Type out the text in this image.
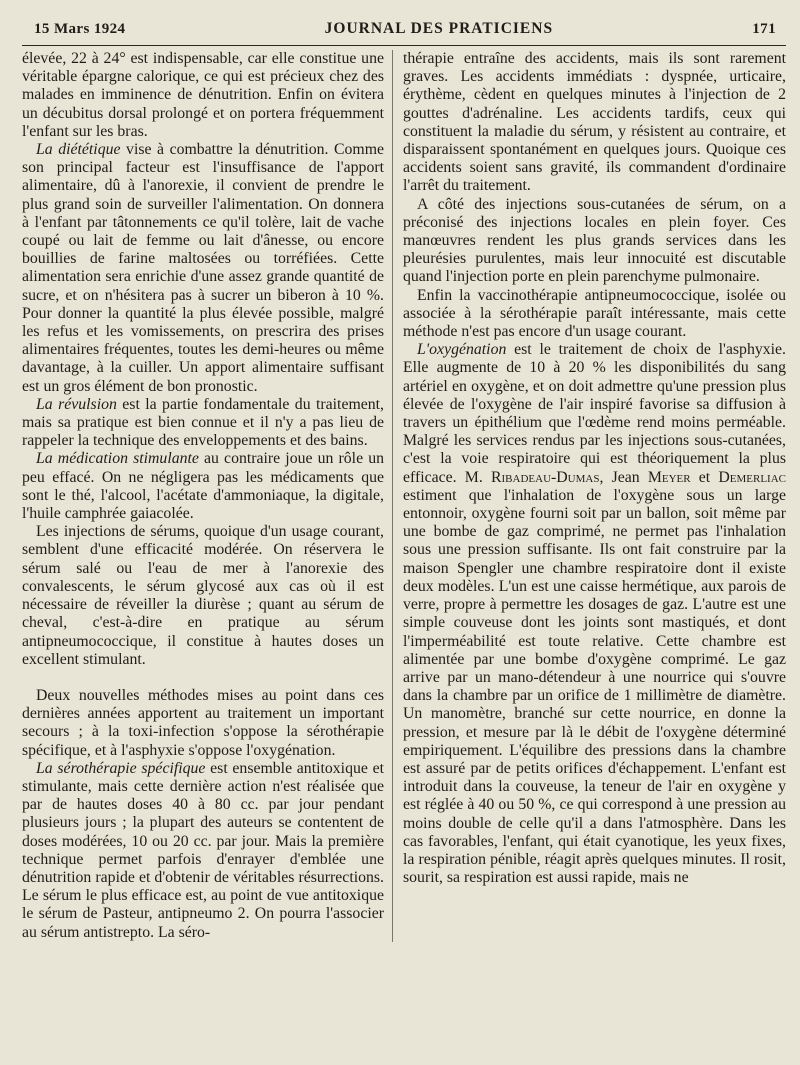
15 Mars 1924	JOURNAL DES PRATICIENS	171

élevée, 22 à 24° est indispensable, car elle constitue une véritable épargne calorique, ce qui est précieux chez des malades en imminence de dénutrition. Enfin on évitera un décubitus dorsal prolongé et on portera fréquemment l'enfant sur les bras.

La diététique vise à combattre la dénutrition. Comme son principal facteur est l'insuffisance de l'apport alimentaire, dû à l'anorexie, il convient de prendre le plus grand soin de surveiller l'alimentation. On donnera à l'enfant par tâtonnements ce qu'il tolère, lait de vache coupé ou lait de femme ou lait d'ânesse, ou encore bouillies de farine maltosées ou torréfiées. Cette alimentation sera enrichie d'une assez grande quantité de sucre, et on n'hésitera pas à sucrer un biberon à 10 %. Pour donner la quantité la plus élevée possible, malgré les refus et les vomissements, on prescrira des prises alimentaires fréquentes, toutes les demi-heures ou même davantage, à la cuiller. Un apport alimentaire suffisant est un gros élément de bon pronostic.

La révulsion est la partie fondamentale du traitement, mais sa pratique est bien connue et il n'y a pas lieu de rappeler la technique des enveloppements et des bains.

La médication stimulante au contraire joue un rôle un peu effacé. On ne négligera pas les médicaments que sont le thé, l'alcool, l'acétate d'ammoniaque, la digitale, l'huile camphrée gaiacolée.

Les injections de sérums, quoique d'un usage courant, semblent d'une efficacité modérée. On réservera le sérum salé ou l'eau de mer à l'anorexie des convalescents, le sérum glycosé aux cas où il est nécessaire de réveiller la diurèse ; quant au sérum de cheval, c'est-à-dire en pratique au sérum antipneumococcique, il constitue à hautes doses un excellent stimulant.

Deux nouvelles méthodes mises au point dans ces dernières années apportent au traitement un important secours ; à la toxi-infection s'oppose la sérothérapie spécifique, et à l'asphyxie s'oppose l'oxygénation.

La sérothérapie spécifique est ensemble antitoxique et stimulante, mais cette dernière action n'est réalisée que par de hautes doses 40 à 80 cc. par jour pendant plusieurs jours ; la plupart des auteurs se contentent de doses modérées, 10 ou 20 cc. par jour. Mais la première technique permet parfois d'enrayer d'emblée une dénutrition rapide et d'obtenir de véritables résurrections. Le sérum le plus efficace est, au point de vue antitoxique le sérum de Pasteur, antipneumo 2. On pourra l'associer au sérum antistrepto. La séro-

thérapie entraîne des accidents, mais ils sont rarement graves. Les accidents immédiats : dyspnée, urticaire, érythème, cèdent en quelques minutes à l'injection de 2 gouttes d'adrénaline. Les accidents tardifs, ceux qui constituent la maladie du sérum, y résistent au contraire, et disparaissent spontanément en quelques jours. Quoique ces accidents soient sans gravité, ils commandent d'ordinaire l'arrêt du traitement.

A côté des injections sous-cutanées de sérum, on a préconisé des injections locales en plein foyer. Ces manœuvres rendent les plus grands services dans les pleurésies purulentes, mais leur innocuité est discutable quand l'injection porte en plein parenchyme pulmonaire.

Enfin la vaccinothérapie antipneumococcique, isolée ou associée à la sérothérapie paraît intéressante, mais cette méthode n'est pas encore d'un usage courant.

L'oxygénation est le traitement de choix de l'asphyxie. Elle augmente de 10 à 20 % les disponibilités du sang artériel en oxygène, et on doit admettre qu'une pression plus élevée de l'oxygène de l'air inspiré favorise sa diffusion à travers un épithélium que l'œdème rend moins perméable. Malgré les services rendus par les injections sous-cutanées, c'est la voie respiratoire qui est théoriquement la plus efficace. M. Ribadeau-Dumas, Jean Meyer et Demerliac estiment que l'inhalation de l'oxygène sous un large entonnoir, oxygène fourni soit par un ballon, soit même par une bombe de gaz comprimé, ne permet pas l'inhalation sous une pression suffisante. Ils ont fait construire par la maison Spengler une chambre respiratoire dont il existe deux modèles. L'un est une caisse hermétique, aux parois de verre, propre à permettre les dosages de gaz. L'autre est une simple couveuse dont les joints sont mastiqués, et dont l'imperméabilité est toute relative. Cette chambre est alimentée par une bombe d'oxygène comprimé. Le gaz arrive par un mano-détendeur à une nourrice qui s'ouvre dans la chambre par un orifice de 1 millimètre de diamètre. Un manomètre, branché sur cette nourrice, en donne la pression, et mesure par là le débit de l'oxygène déterminé empiriquement. L'équilibre des pressions dans la chambre est assuré par de petits orifices d'échappement. L'enfant est introduit dans la couveuse, la teneur de l'air en oxygène y est réglée à 40 ou 50 %, ce qui correspond à une pression au moins double de celle qu'il a dans l'atmosphère. Dans les cas favorables, l'enfant, qui était cyanotique, les yeux fixes, la respiration pénible, réagit après quelques minutes. Il rosit, sourit, sa respiration est aussi rapide, mais ne
